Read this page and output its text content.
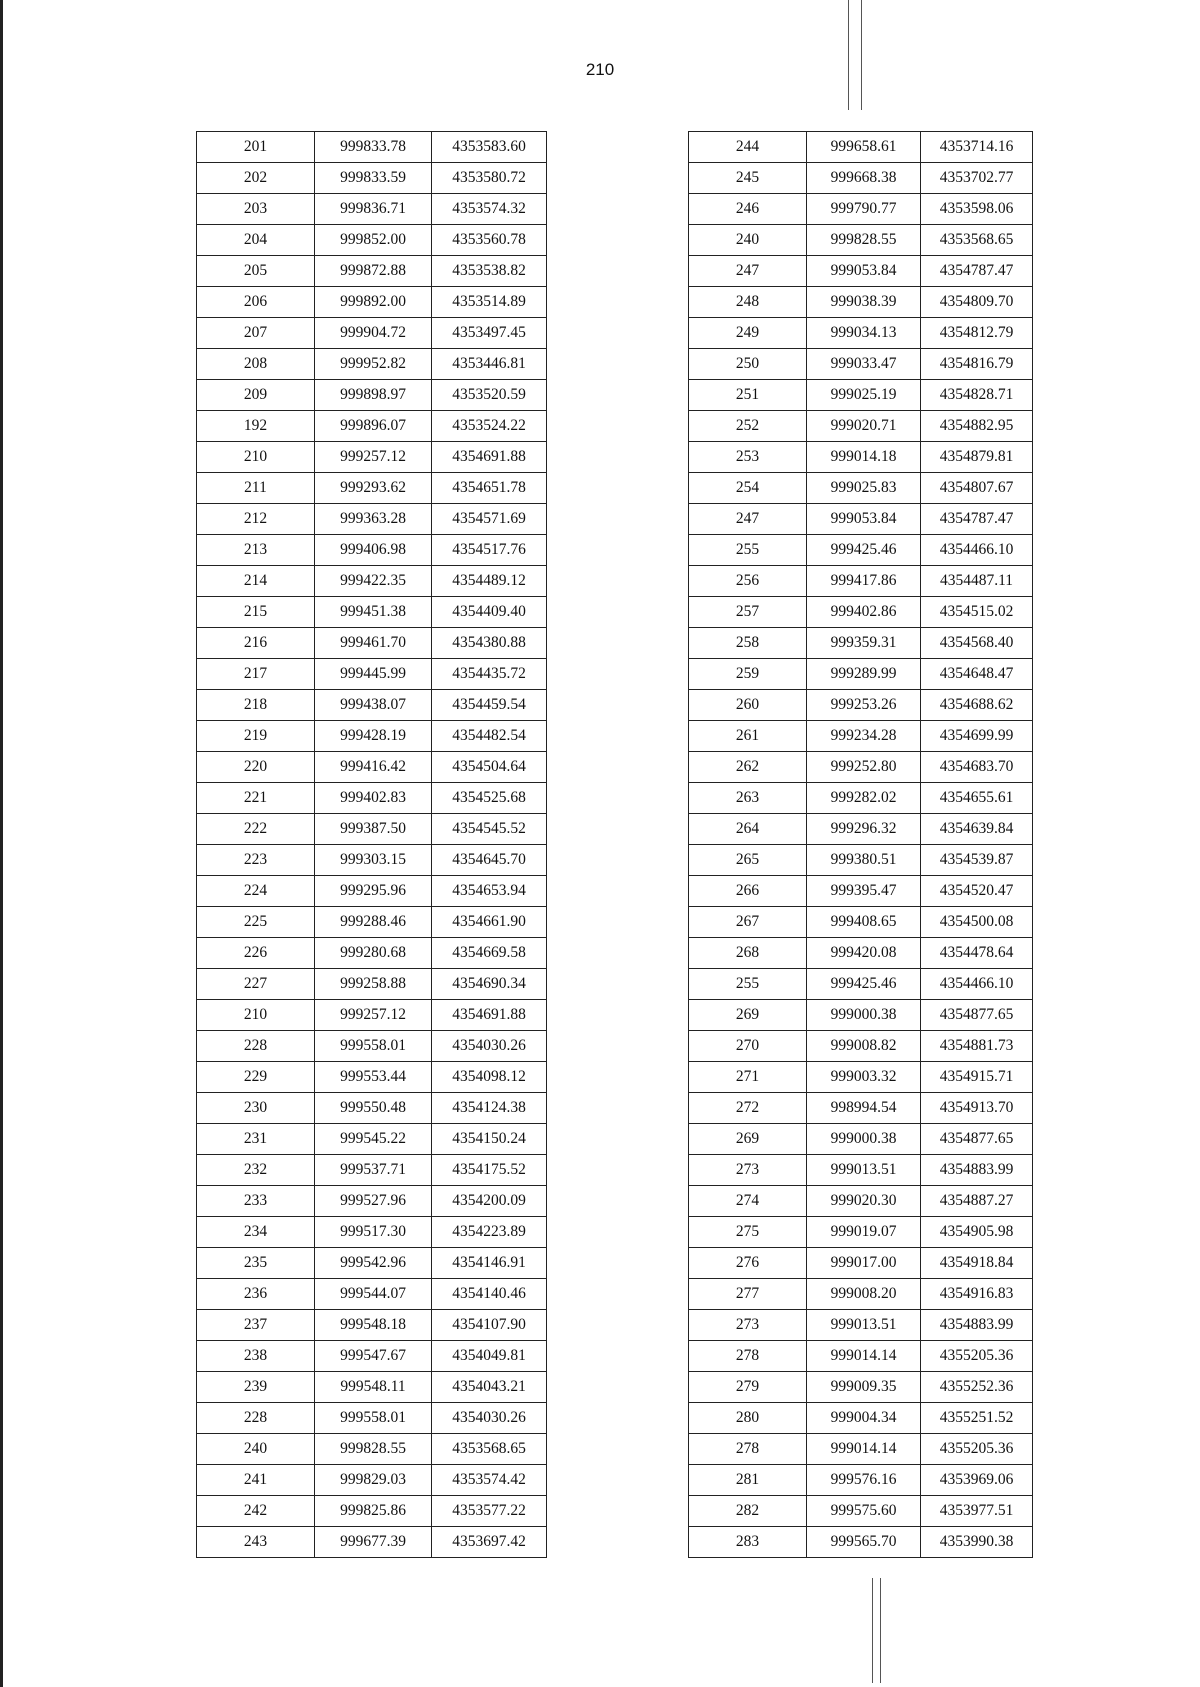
210
201	999833.78	4353583.60
202	999833.59	4353580.72
203	999836.71	4353574.32
204	999852.00	4353560.78
205	999872.88	4353538.82
206	999892.00	4353514.89
207	999904.72	4353497.45
208	999952.82	4353446.81
209	999898.97	4353520.59
192	999896.07	4353524.22
210	999257.12	4354691.88
211	999293.62	4354651.78
212	999363.28	4354571.69
213	999406.98	4354517.76
214	999422.35	4354489.12
215	999451.38	4354409.40
216	999461.70	4354380.88
217	999445.99	4354435.72
218	999438.07	4354459.54
219	999428.19	4354482.54
220	999416.42	4354504.64
221	999402.83	4354525.68
222	999387.50	4354545.52
223	999303.15	4354645.70
224	999295.96	4354653.94
225	999288.46	4354661.90
226	999280.68	4354669.58
227	999258.88	4354690.34
210	999257.12	4354691.88
228	999558.01	4354030.26
229	999553.44	4354098.12
230	999550.48	4354124.38
231	999545.22	4354150.24
232	999537.71	4354175.52
233	999527.96	4354200.09
234	999517.30	4354223.89
235	999542.96	4354146.91
236	999544.07	4354140.46
237	999548.18	4354107.90
238	999547.67	4354049.81
239	999548.11	4354043.21
228	999558.01	4354030.26
240	999828.55	4353568.65
241	999829.03	4353574.42
242	999825.86	4353577.22
243	999677.39	4353697.42
244	999658.61	4353714.16
245	999668.38	4353702.77
246	999790.77	4353598.06
240	999828.55	4353568.65
247	999053.84	4354787.47
248	999038.39	4354809.70
249	999034.13	4354812.79
250	999033.47	4354816.79
251	999025.19	4354828.71
252	999020.71	4354882.95
253	999014.18	4354879.81
254	999025.83	4354807.67
247	999053.84	4354787.47
255	999425.46	4354466.10
256	999417.86	4354487.11
257	999402.86	4354515.02
258	999359.31	4354568.40
259	999289.99	4354648.47
260	999253.26	4354688.62
261	999234.28	4354699.99
262	999252.80	4354683.70
263	999282.02	4354655.61
264	999296.32	4354639.84
265	999380.51	4354539.87
266	999395.47	4354520.47
267	999408.65	4354500.08
268	999420.08	4354478.64
255	999425.46	4354466.10
269	999000.38	4354877.65
270	999008.82	4354881.73
271	999003.32	4354915.71
272	998994.54	4354913.70
269	999000.38	4354877.65
273	999013.51	4354883.99
274	999020.30	4354887.27
275	999019.07	4354905.98
276	999017.00	4354918.84
277	999008.20	4354916.83
273	999013.51	4354883.99
278	999014.14	4355205.36
279	999009.35	4355252.36
280	999004.34	4355251.52
278	999014.14	4355205.36
281	999576.16	4353969.06
282	999575.60	4353977.51
283	999565.70	4353990.38
